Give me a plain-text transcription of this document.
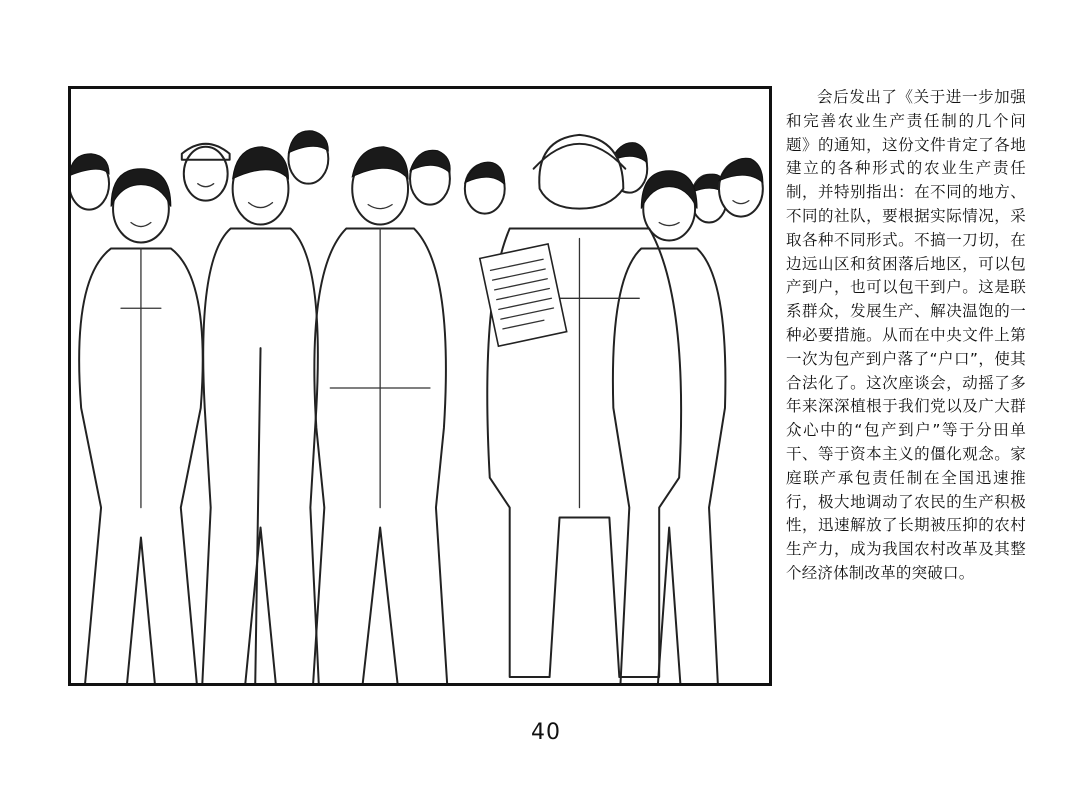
会后发出了《关于进一步加强和完善农业生产责任制的几个问题》的通知，这份文件肯定了各地建立的各种形式的农业生产责任制，并特别指出：在不同的地方、不同的社队，要根据实际情况，采取各种不同形式。不搞一刀切，在边远山区和贫困落后地区，可以包产到户，也可以包干到户。这是联系群众，发展生产、解决温饱的一种必要措施。从而在中央文件上第一次为包产到户落了“户口”，使其合法化了。这次座谈会，动摇了多年来深深植根于我们党以及广大群众心中的“包产到户”等于分田单干、等于资本主义的僵化观念。家庭联产承包责任制在全国迅速推行，极大地调动了农民的生产积极性，迅速解放了长期被压抑的农村生产力，成为我国农村改革及其整个经济体制改革的突破口。

40
